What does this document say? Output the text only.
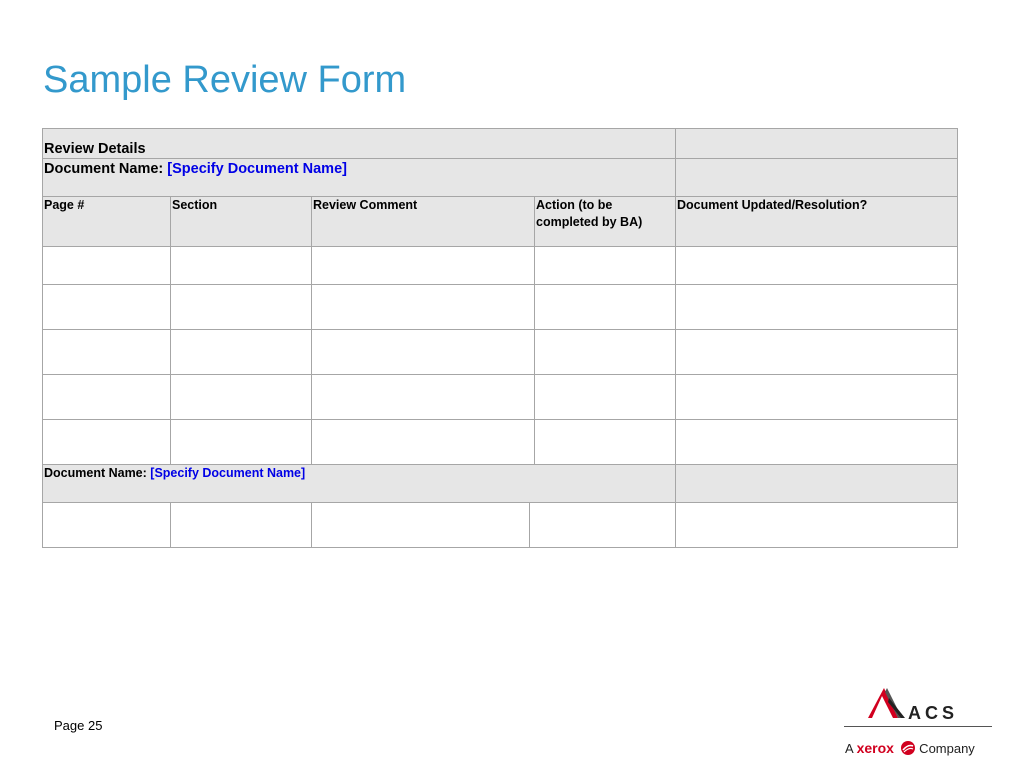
Sample Review Form
Review Details				

Document Name: [Specify Document Name]				

Page #	Section	Review Comment	Action (to be completed by BA)	Document Updated/Resolution?

Document Name: [Specify Document Name]				

Page 25
ACS
A xerox  Company
